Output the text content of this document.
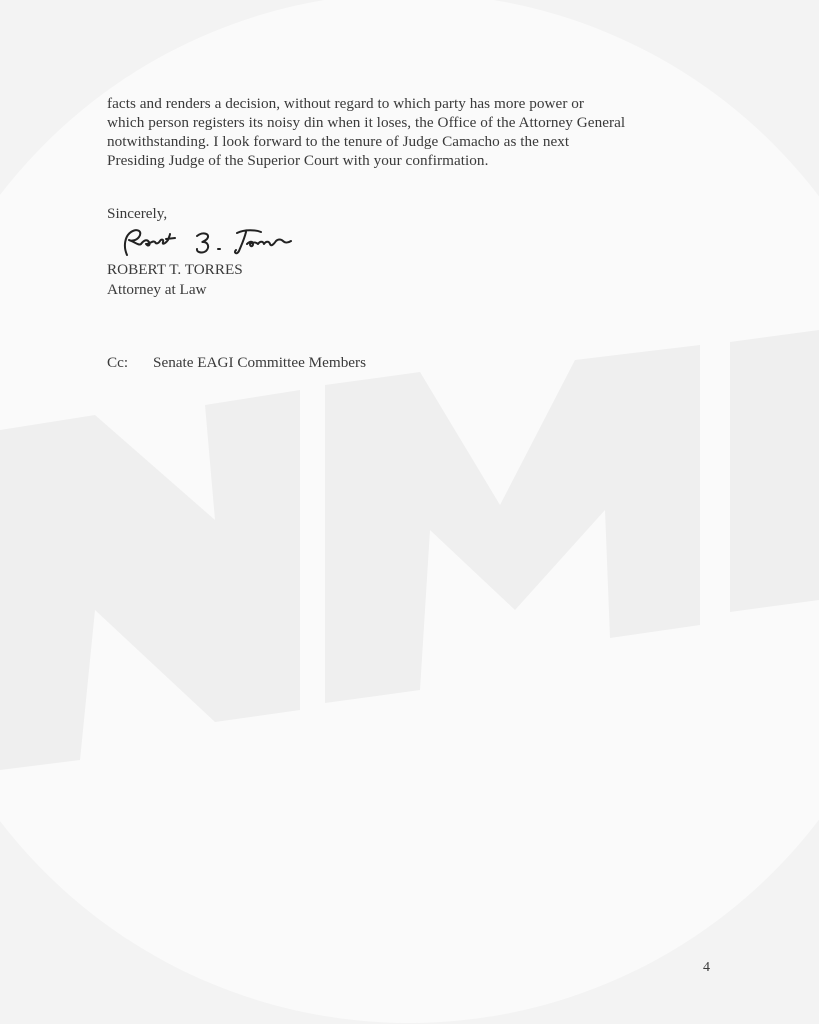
facts and renders a decision, without regard to which party has more power or
which person registers its noisy din when it loses, the Office of the Attorney General
notwithstanding. I look forward to the tenure of Judge Camacho as the next
Presiding Judge of the Superior Court with your confirmation.

Sincerely,

ROBERT T. TORRES

Attorney at Law

Cc: Senate EAGI Committee Members

4
